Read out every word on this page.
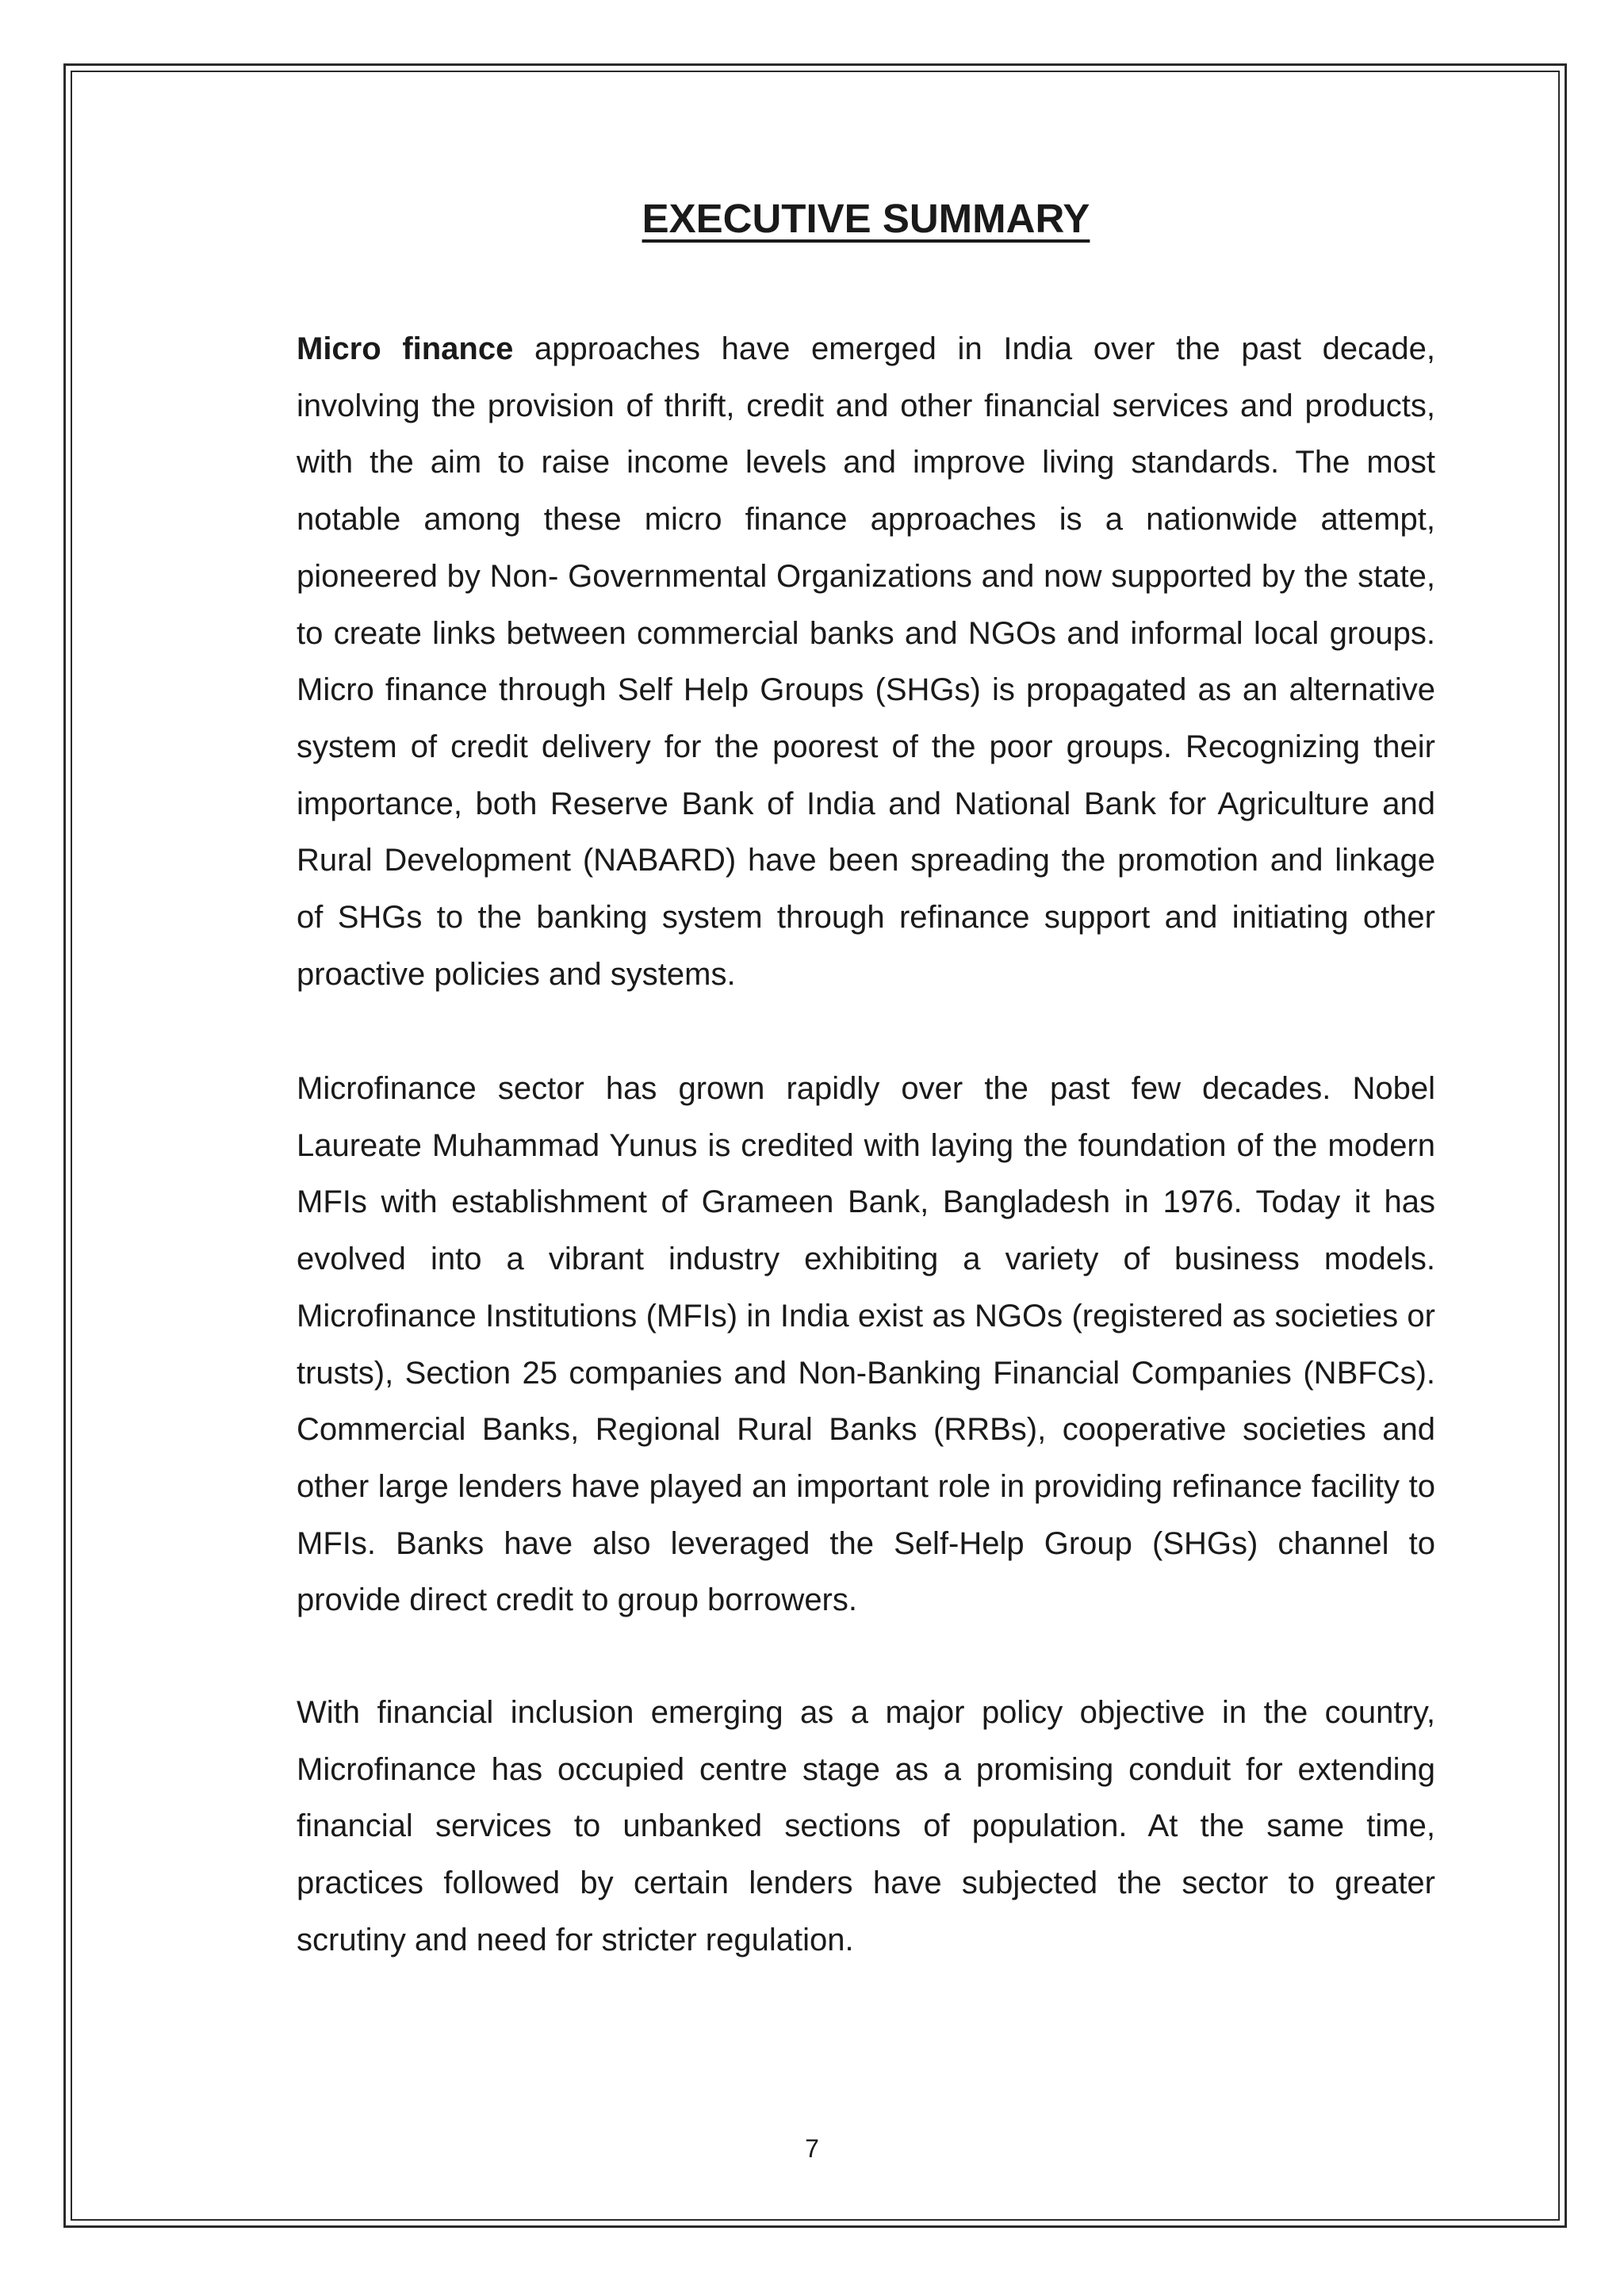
EXECUTIVE SUMMARY

Micro finance approaches have emerged in India over the past decade, involving the provision of thrift, credit and other financial services and products, with the aim to raise income levels and improve living standards. The most notable among these micro finance approaches is a nationwide attempt, pioneered by Non- Governmental Organizations and now supported by the state, to create links between commercial banks and NGOs and informal local groups. Micro finance through Self Help Groups (SHGs) is propagated as an alternative system of credit delivery for the poorest of the poor groups. Recognizing their importance, both Reserve Bank of India and National Bank for Agriculture and Rural Development (NABARD) have been spreading the promotion and linkage of SHGs to the banking system through refinance support and initiating other proactive policies and systems.

Microfinance sector has grown rapidly over the past few decades. Nobel Laureate Muhammad Yunus is credited with laying the foundation of the modern MFIs with establishment of Grameen Bank, Bangladesh in 1976. Today it has evolved into a vibrant industry exhibiting a variety of business models. Microfinance Institutions (MFIs) in India exist as NGOs (registered as societies or trusts), Section 25 companies and Non-Banking Financial Companies (NBFCs). Commercial Banks, Regional Rural Banks (RRBs), cooperative societies and other large lenders have played an important role in providing refinance facility to MFIs. Banks have also leveraged the Self-Help Group (SHGs) channel to provide direct credit to group borrowers.

With financial inclusion emerging as a major policy objective in the country, Microfinance has occupied centre stage as a promising conduit for extending financial services to unbanked sections of population. At the same time, practices followed by certain lenders have subjected the sector to greater scrutiny and need for stricter regulation.

7
